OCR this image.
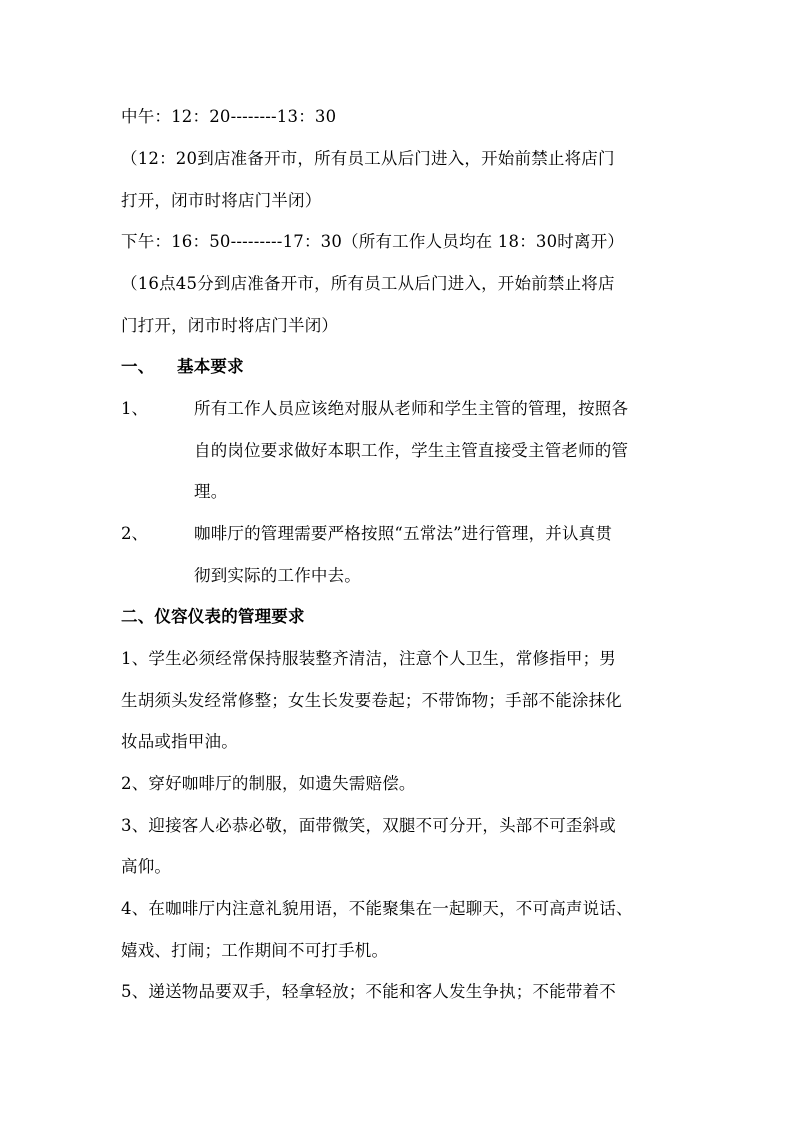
中午：12：20--------13：30
（12：20到店准备开市，所有员工从后门进入，开始前禁止将店门
打开，闭市时将店门半闭）
下午：16：50---------17：30（所有工作人员均在 18：30时离开）
（16点45分到店准备开市，所有员工从后门进入，开始前禁止将店
门打开，闭市时将店门半闭）
一、 基本要求
1、	所有工作人员应该绝对服从老师和学生主管的管理，按照各
自的岗位要求做好本职工作，学生主管直接受主管老师的管
理。
2、	咖啡厅的管理需要严格按照“五常法”进行管理，并认真贯
彻到实际的工作中去。
二、仪容仪表的管理要求
1、学生必须经常保持服装整齐清洁，注意个人卫生，常修指甲；男
生胡须头发经常修整；女生长发要卷起；不带饰物；手部不能涂抹化
妆品或指甲油。
2、穿好咖啡厅的制服，如遗失需赔偿。
3、迎接客人必恭必敬，面带微笑，双腿不可分开，头部不可歪斜或
高仰。
4、在咖啡厅内注意礼貌用语，不能聚集在一起聊天，不可高声说话、
嬉戏、打闹；工作期间不可打手机。
5、递送物品要双手，轻拿轻放；不能和客人发生争执；不能带着不
